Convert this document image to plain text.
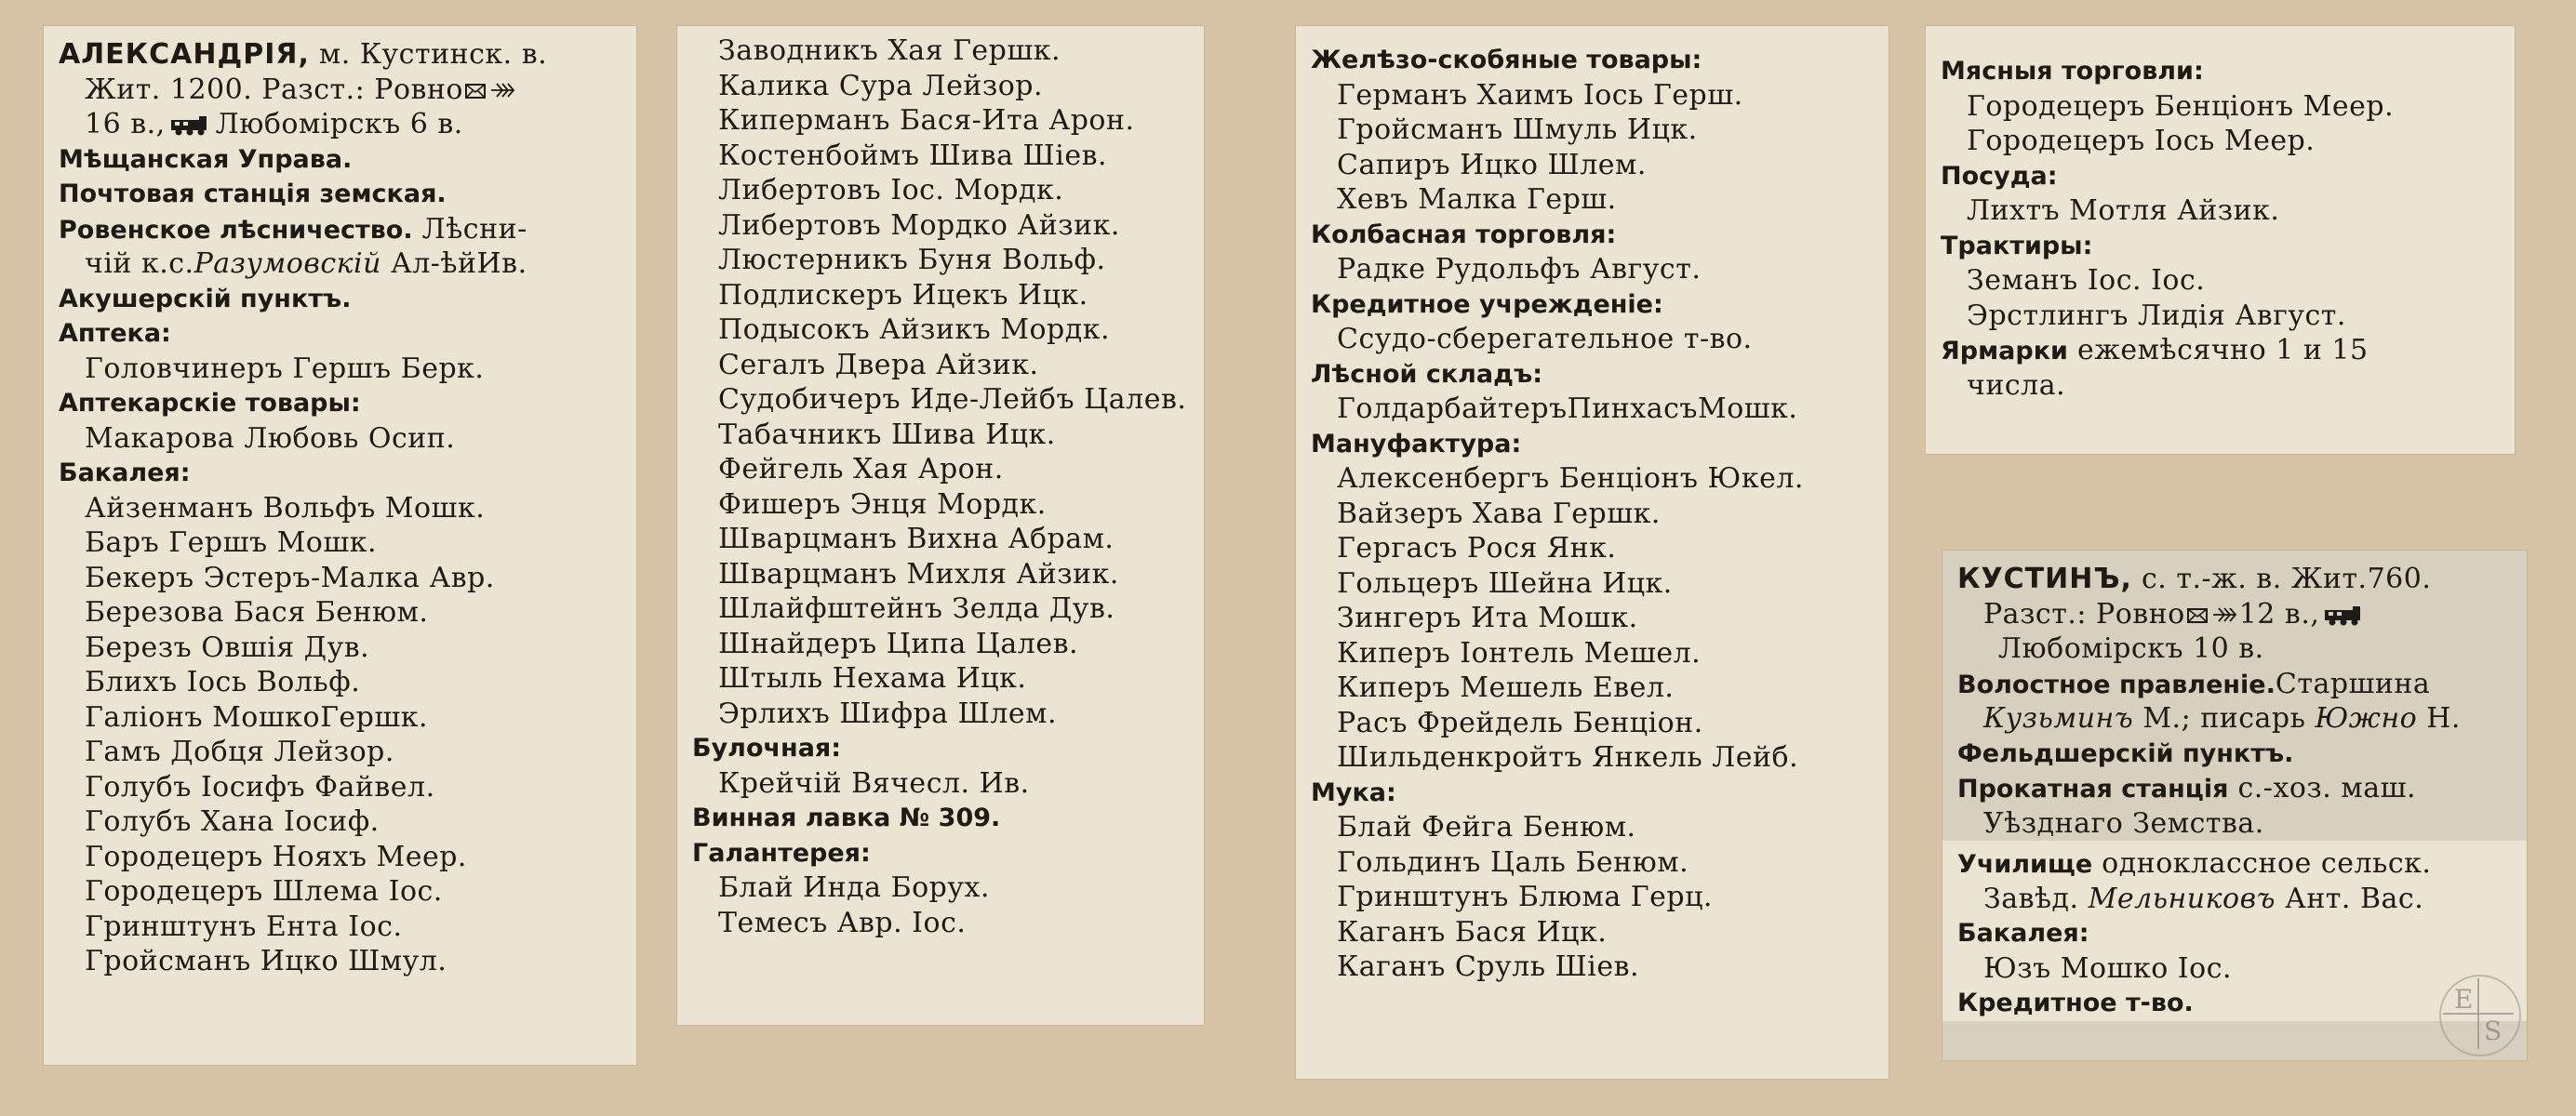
АЛЕКСАНДРІЯ, м. Кустинск. в.
Жит. 1200. Разст.: Ровно
16 в., Любомірскъ 6 в.
Мѣщанская Управа.
Почтовая станція земская.
Ровенское лѣсничество. Лѣсни-
чій к.с.Разумовскій Ал-ѣйИв.
Акушерскій пунктъ.
Аптека:
Головчинеръ Гершъ Берк.
Аптекарскіе товары:
Макарова Любовь Осип.
Бакалея:
Айзенманъ Вольфъ Мошк.
Баръ Гершъ Мошк.
Бекеръ Эстеръ-Малка Авр.
Березова Бася Бенюм.
Березъ Овшія Дув.
Блихъ Iось Вольф.
Галіонъ МошкоГершк.
Гамъ Добця Лейзор.
Голубъ Iосифъ Файвел.
Голубъ Хана Iосиф.
Городецеръ Нояхъ Меер.
Городецеръ Шлема Iос.
Гринштунъ Ента Iос.
Гройсманъ Ицко Шмул.
Заводникъ Хая Гершк.
Калика Сура Лейзор.
Киперманъ Бася-Ита Арон.
Костенбоймъ Шива Шіев.
Либертовъ Iос. Мордк.
Либертовъ Мордко Айзик.
Люстерникъ Буня Вольф.
Подлискеръ Ицекъ Ицк.
Подысокъ Айзикъ Мордк.
Сегалъ Двера Айзик.
Судобичеръ Иде-Лейбъ Цалев.
Табачникъ Шива Ицк.
Фейгель Хая Арон.
Фишеръ Энця Мордк.
Шварцманъ Вихна Абрам.
Шварцманъ Михля Айзик.
Шлайфштейнъ Зелда Дув.
Шнайдеръ Ципа Цалев.
Штыль Нехама Ицк.
Эрлихъ Шифра Шлем.
Булочная:
Крейчій Вячесл. Ив.
Винная лавка № 309.
Галантерея:
Блай Инда Борух.
Темесъ Авр. Iос.
Желѣзо-скобяные товары:
Германъ Хаимъ Iось Герш.
Гройсманъ Шмуль Ицк.
Сапиръ Ицко Шлем.
Хевъ Малка Герш.
Колбасная торговля:
Радке Рудольфъ Август.
Кредитное учрежденіе:
Ссудо-сберегательное т-во.
Лѣсной складъ:
ГолдарбайтеръПинхасъМошк.
Мануфактура:
Алексенбергъ Бенціонъ Юкел.
Вайзеръ Хава Гершк.
Гергасъ Рося Янк.
Гольцеръ Шейна Ицк.
Зингеръ Ита Мошк.
Киперъ Iонтель Мешел.
Киперъ Мешель Евел.
Расъ Фрейдель Бенціон.
Шильденкройтъ Янкель Лейб.
Мука:
Блай Фейга Бенюм.
Гольдинъ Цаль Бенюм.
Гринштунъ Блюма Герц.
Каганъ Бася Ицк.
Каганъ Сруль Шіев.
Мясныя торговли:
Городецеръ Бенціонъ Меер.
Городецеръ Iось Меер.
Посуда:
Лихтъ Мотля Айзик.
Трактиры:
Земанъ Iос. Iос.
Эрстлингъ Лидія Август.
Ярмарки ежемѣсячно 1 и 15
числа.
КУСТИНЪ, с. т.-ж. в. Жит.760.
Разст.: Ровно 12 в.,
Любомірскъ 10 в.
Волостное правленіе.Старшина
Кузьминъ М.; писарь Южно Н.
Фельдшерскій пунктъ.
Прокатная станція с.-хоз. маш.
Уѣзднаго Земства.
Училище одноклассное сельск.
Завѣд. Мельниковъ Ант. Вас.
Бакалея:
Юзъ Мошко Iос.
Кредитное т-во.	E
S
